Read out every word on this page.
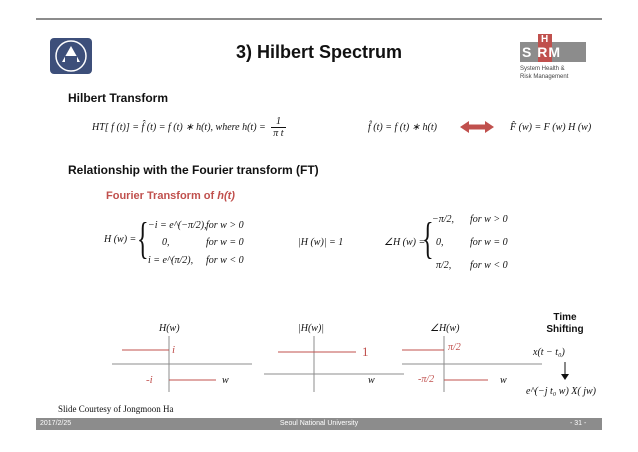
3) Hilbert Spectrum	S RM
H
System Health &
Risk Management
Hilbert Transform
HT[ f (t)] = f̂ (t) = f (t) ∗ h(t), where $h(t) = \frac{1}{\text{π t}}$	f̂ (t) = f (t) ∗ h(t)	F̂ (w) = F (w) H (w)
Relationship with the Fourier transform (FT)
Fourier Transform of h(t)
H (w) = { −i = e^(−π/2), for w > 0
0,	for w = 0
i = e^(π/2), for w < 0
|H (w)| = 1	∠H (w) =
{
−π/2, for w > 0
0,	for w = 0
π/2, for w < 0
H(w)
i
-i	w
|H(w)|
1
w
∠H(w)
π/2
-π/2	w
Time
Shifting
x(t − t₀)
e^(−j t₀ w) X( jw)
Slide Courtesy of Jongmoon Ha
2017/2/25	Seoul National University	- 31 -
